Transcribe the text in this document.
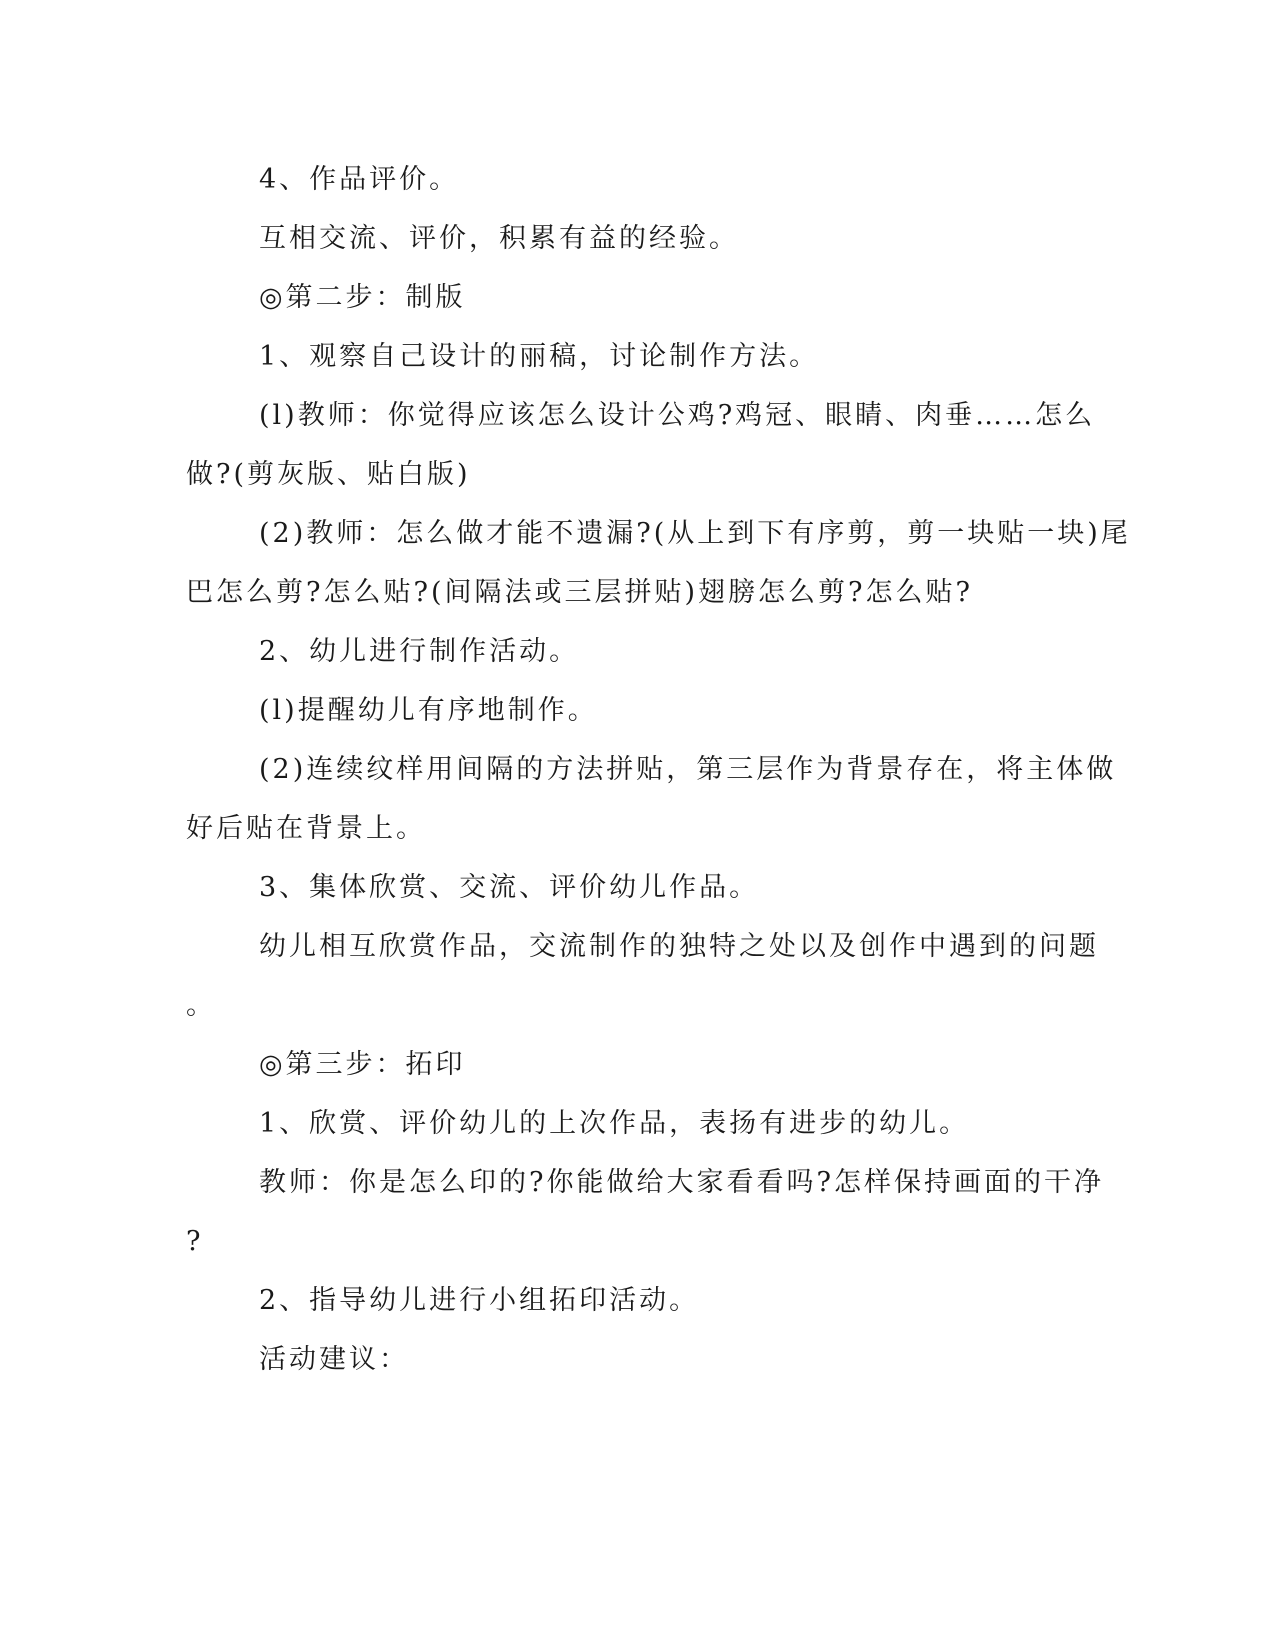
4、作品评价。
互相交流、评价，积累有益的经验。
◎第二步：制版
1、观察自己设计的丽稿，讨论制作方法。
(l)教师：你觉得应该怎么设计公鸡?鸡冠、眼睛、肉垂……怎么
做?(剪灰版、贴白版)
(2)教师：怎么做才能不遗漏?(从上到下有序剪，剪一块贴一块)尾
巴怎么剪?怎么贴?(间隔法或三层拼贴)翅膀怎么剪?怎么贴?
2、幼儿进行制作活动。
(l)提醒幼儿有序地制作。
(2)连续纹样用间隔的方法拼贴，第三层作为背景存在，将主体做
好后贴在背景上。
3、集体欣赏、交流、评价幼儿作品。
幼儿相互欣赏作品，交流制作的独特之处以及创作中遇到的问题
。
◎第三步：拓印
1、欣赏、评价幼儿的上次作品，表扬有进步的幼儿。
教师：你是怎么印的?你能做给大家看看吗?怎样保持画面的干净
?
2、指导幼儿进行小组拓印活动。
活动建议：
